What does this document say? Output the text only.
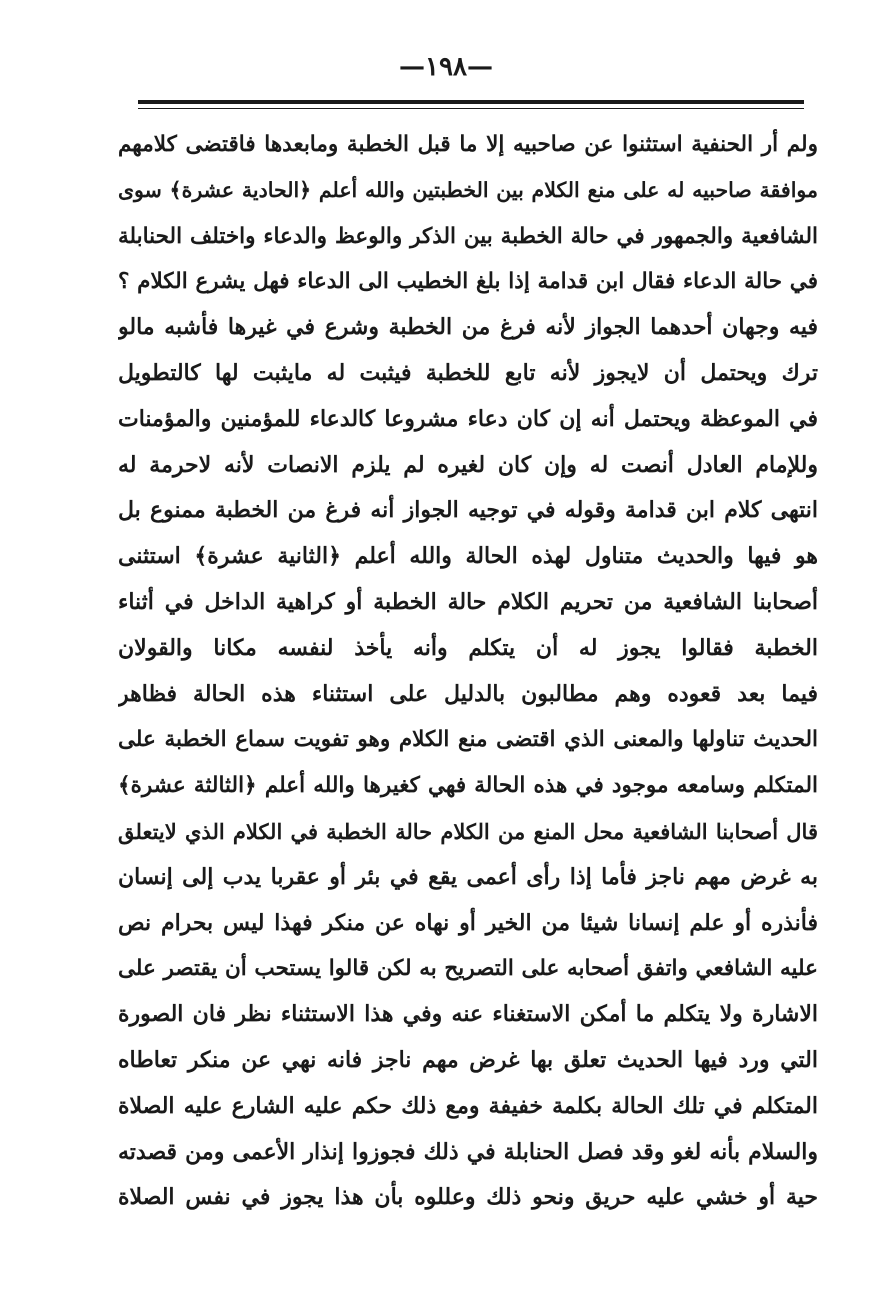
—١٩٨—
ولم أر الحنفية استثنوا عن صاحبيه إلا ما قبل الخطبة ومابعدها فاقتضى كلامهم
موافقة صاحبيه له على منع الكلام بين الخطبتين والله أعلم ﴿الحادية عشرة﴾ سوى
الشافعية والجمهور في حالة الخطبة بين الذكر والوعظ والدعاء واختلف الحنابلة
في حالة الدعاء فقال ابن قدامة إذا بلغ الخطيب الى الدعاء فهل يشرع الكلام ؟
فيه وجهان أحدهما الجواز لأنه فرغ من الخطبة وشرع في غيرها فأشبه مالو
ترك ويحتمل أن لايجوز لأنه تابع للخطبة فيثبت له مايثبت لها كالتطويل
في الموعظة ويحتمل أنه إن كان دعاء مشروعا كالدعاء للمؤمنين والمؤمنات
وللإمام العادل أنصت له وإن كان لغيره لم يلزم الانصات لأنه لاحرمة له
انتهى كلام ابن قدامة وقوله في توجيه الجواز أنه فرغ من الخطبة ممنوع بل
هو فيها والحديث متناول لهذه الحالة والله أعلم ﴿الثانية عشرة﴾ استثنى
أصحابنا الشافعية من تحريم الكلام حالة الخطبة أو كراهية الداخل في أثناء
الخطبة فقالوا يجوز له أن يتكلم وأنه يأخذ لنفسه مكانا والقولان
فيما بعد قعوده وهم مطالبون بالدليل على استثناء هذه الحالة فظاهر
الحديث تناولها والمعنى الذي اقتضى منع الكلام وهو تفويت سماع الخطبة على
المتكلم وسامعه موجود في هذه الحالة فهي كغيرها والله أعلم ﴿الثالثة عشرة﴾
قال أصحابنا الشافعية محل المنع من الكلام حالة الخطبة في الكلام الذي لايتعلق
به غرض مهم ناجز فأما إذا رأى أعمى يقع في بئر أو عقربا يدب إلى إنسان
فأنذره أو علم إنسانا شيئا من الخير أو نهاه عن منكر فهذا ليس بحرام نص
عليه الشافعي واتفق أصحابه على التصريح به لكن قالوا يستحب أن يقتصر على
الاشارة ولا يتكلم ما أمكن الاستغناء عنه وفي هذا الاستثناء نظر فان الصورة
التي ورد فيها الحديث تعلق بها غرض مهم ناجز فانه نهي عن منكر تعاطاه
المتكلم في تلك الحالة بكلمة خفيفة ومع ذلك حكم عليه الشارع عليه الصلاة
والسلام بأنه لغو وقد فصل الحنابلة في ذلك فجوزوا إنذار الأعمى ومن قصدته
حية أو خشي عليه حريق ونحو ذلك وعللوه بأن هذا يجوز في نفس الصلاة
